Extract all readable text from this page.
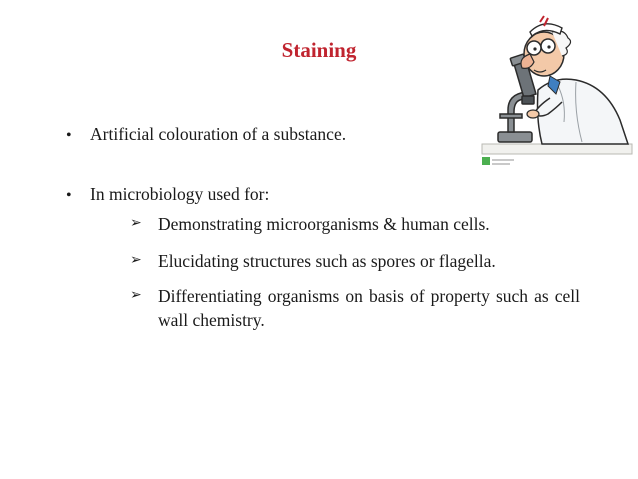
Staining
•	Artificial colouration of a substance.
•	In microbiology used for:
➢ Demonstrating microorganisms & human cells.
➢ Elucidating structures such as spores or flagella.
➢ Differentiating organisms on basis of property such as cell wall chemistry.
